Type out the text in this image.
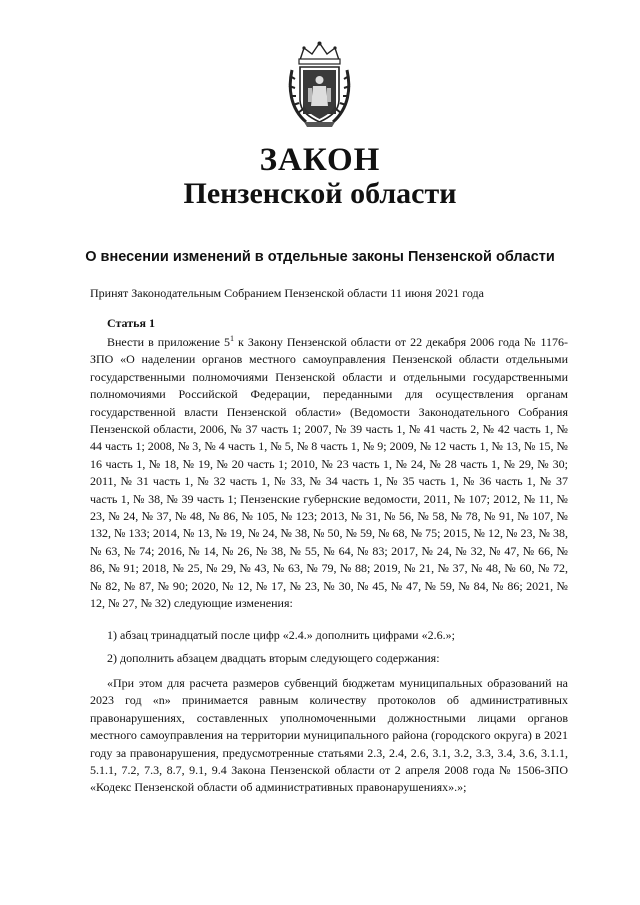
ЗАКОН
Пензенской области
О внесении изменений в отдельные законы Пензенской области
Принят Законодательным Собранием Пензенской области 11 июня 2021 года
Статья 1
Внести в приложение $5^1$ к Закону Пензенской области от 22 декабря 2006 года № 1176-ЗПО «О наделении органов местного самоуправления Пензенской области отдельными государственными полномочиями Пензенской области и отдельными государственными полномочиями Российской Федерации, переданными для осуществления органам государственной власти Пензенской области» (Ведомости Законодательного Собрания Пензенской области, 2006, № 37 часть 1; 2007, № 39 часть 1, № 41 часть 2, № 42 часть 1, № 44 часть 1; 2008, № 3, № 4 часть 1, № 5, № 8 часть 1, № 9; 2009, № 12 часть 1, № 13, № 15, № 16 часть 1, № 18, № 19, № 20 часть 1; 2010, № 23 часть 1, № 24, № 28 часть 1, № 29, № 30; 2011, № 31 часть 1, № 32 часть 1, № 33, № 34 часть 1, № 35 часть 1, № 36 часть 1, № 37 часть 1, № 38, № 39 часть 1; Пензенские губернские ведомости, 2011, № 107; 2012, № 11, № 23, № 24, № 37, № 48, № 86, № 105, № 123; 2013, № 31, № 56, № 58, № 78, № 91, № 107, № 132, № 133; 2014, № 13, № 19, № 24, № 38, № 50, № 59, № 68, № 75; 2015, № 12, № 23, № 38, № 63, № 74; 2016, № 14, № 26, № 38, № 55, № 64, № 83; 2017, № 24, № 32, № 47, № 66, № 86, № 91; 2018, № 25, № 29, № 43, № 63, № 79, № 88; 2019, № 21, № 37, № 48, № 60, № 72, № 82, № 87, № 90; 2020, № 12, № 17, № 23, № 30, № 45, № 47, № 59, № 84, № 86; 2021, № 12, № 27, № 32) следующие изменения:
1) абзац тринадцатый после цифр «2.4.» дополнить цифрами «2.6.»;
2) дополнить абзацем двадцать вторым следующего содержания:
«При этом для расчета размеров субвенций бюджетам муниципальных образований на 2023 год «n» принимается равным количеству протоколов об административных правонарушениях, составленных уполномоченными должностными лицами органов местного самоуправления на территории муниципального района (городского округа) в 2021 году за правонарушения, предусмотренные статьями 2.3, 2.4, 2.6, 3.1, 3.2, 3.3, 3.4, 3.6, 3.1.1, 5.1.1, 7.2, 7.3, 8.7, 9.1, 9.4 Закона Пензенской области от 2 апреля 2008 года № 1506-ЗПО «Кодекс Пензенской области об административных правонарушениях».»;
